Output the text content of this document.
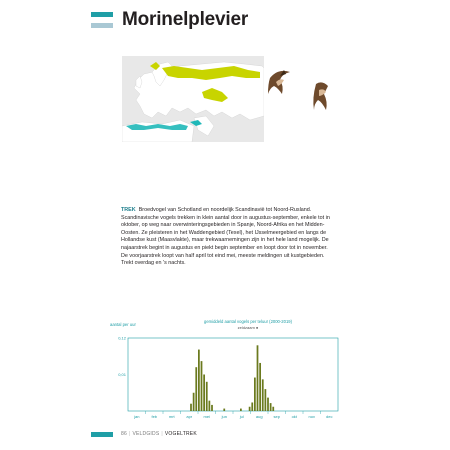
Morinelplevier

TREK Broedvogel van Schotland en noordelijk Scandinavië tot Noord-Rusland. Scandinavische vogels trekken in klein aantal door in augustus-september, enkele tot in oktober, op weg naar overwinteringsgebieden in Spanje, Noord-Afrika en het Midden-Oosten. Ze pleisteren in het Waddengebied (Texel), het IJsselmeergebied en langs de Hollandse kust (Maasvlakte), maar trekwaarnemingen zijn in het hele land mogelijk. De najaarstrek begint in augustus en piekt begin september en loopt door tot in november. De voorjaarstrek loopt van half april tot eind mei, meeste meldingen uit kustgebieden. Trekt overdag en 's nachts.

aantal per uur
gemiddeld aantal vogels per teluur (2000-2019)
zeldzaam ●
0,12
0,01
jan	feb	mrt	apr	mei	jun	jul	aug	sep	okt	nov	dec
86 | VELDGIDS | VOGELTREK
